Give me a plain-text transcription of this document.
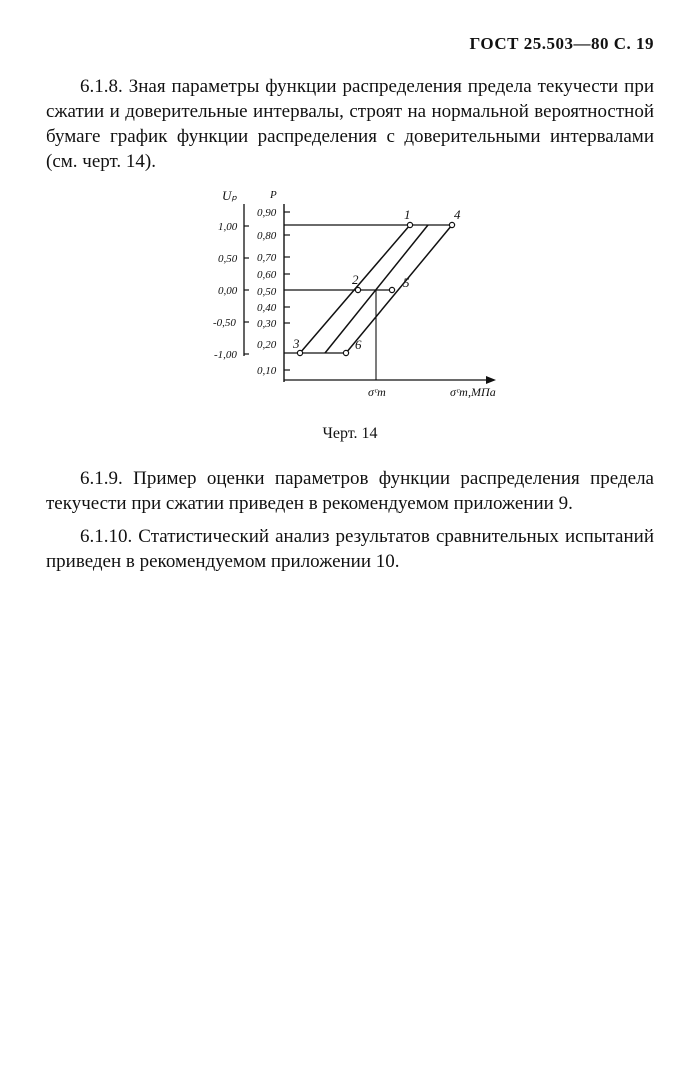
ГОСТ 25.503—80 С. 19

6.1.8. Зная параметры функции распределения предела текучести при сжатии и доверительные интервалы, строят на нормальной вероятностной бумаге график функции распределения с доверительными интервалами (см. черт. 14).

Uₚ	P
1,00
0,50
0,00
-0,50
-1,00
0,90
0,80
0,70
0,60
0,50
0,40
0,30
0,20
0,10
1
2
3
4
5
6
σᶜт	σᶜт,МПа
Черт. 14

6.1.9. Пример оценки параметров функции распределения предела текучести при сжатии приведен в рекомендуемом приложении 9.

6.1.10. Статистический анализ результатов сравнительных испытаний приведен в рекомендуемом приложении 10.
